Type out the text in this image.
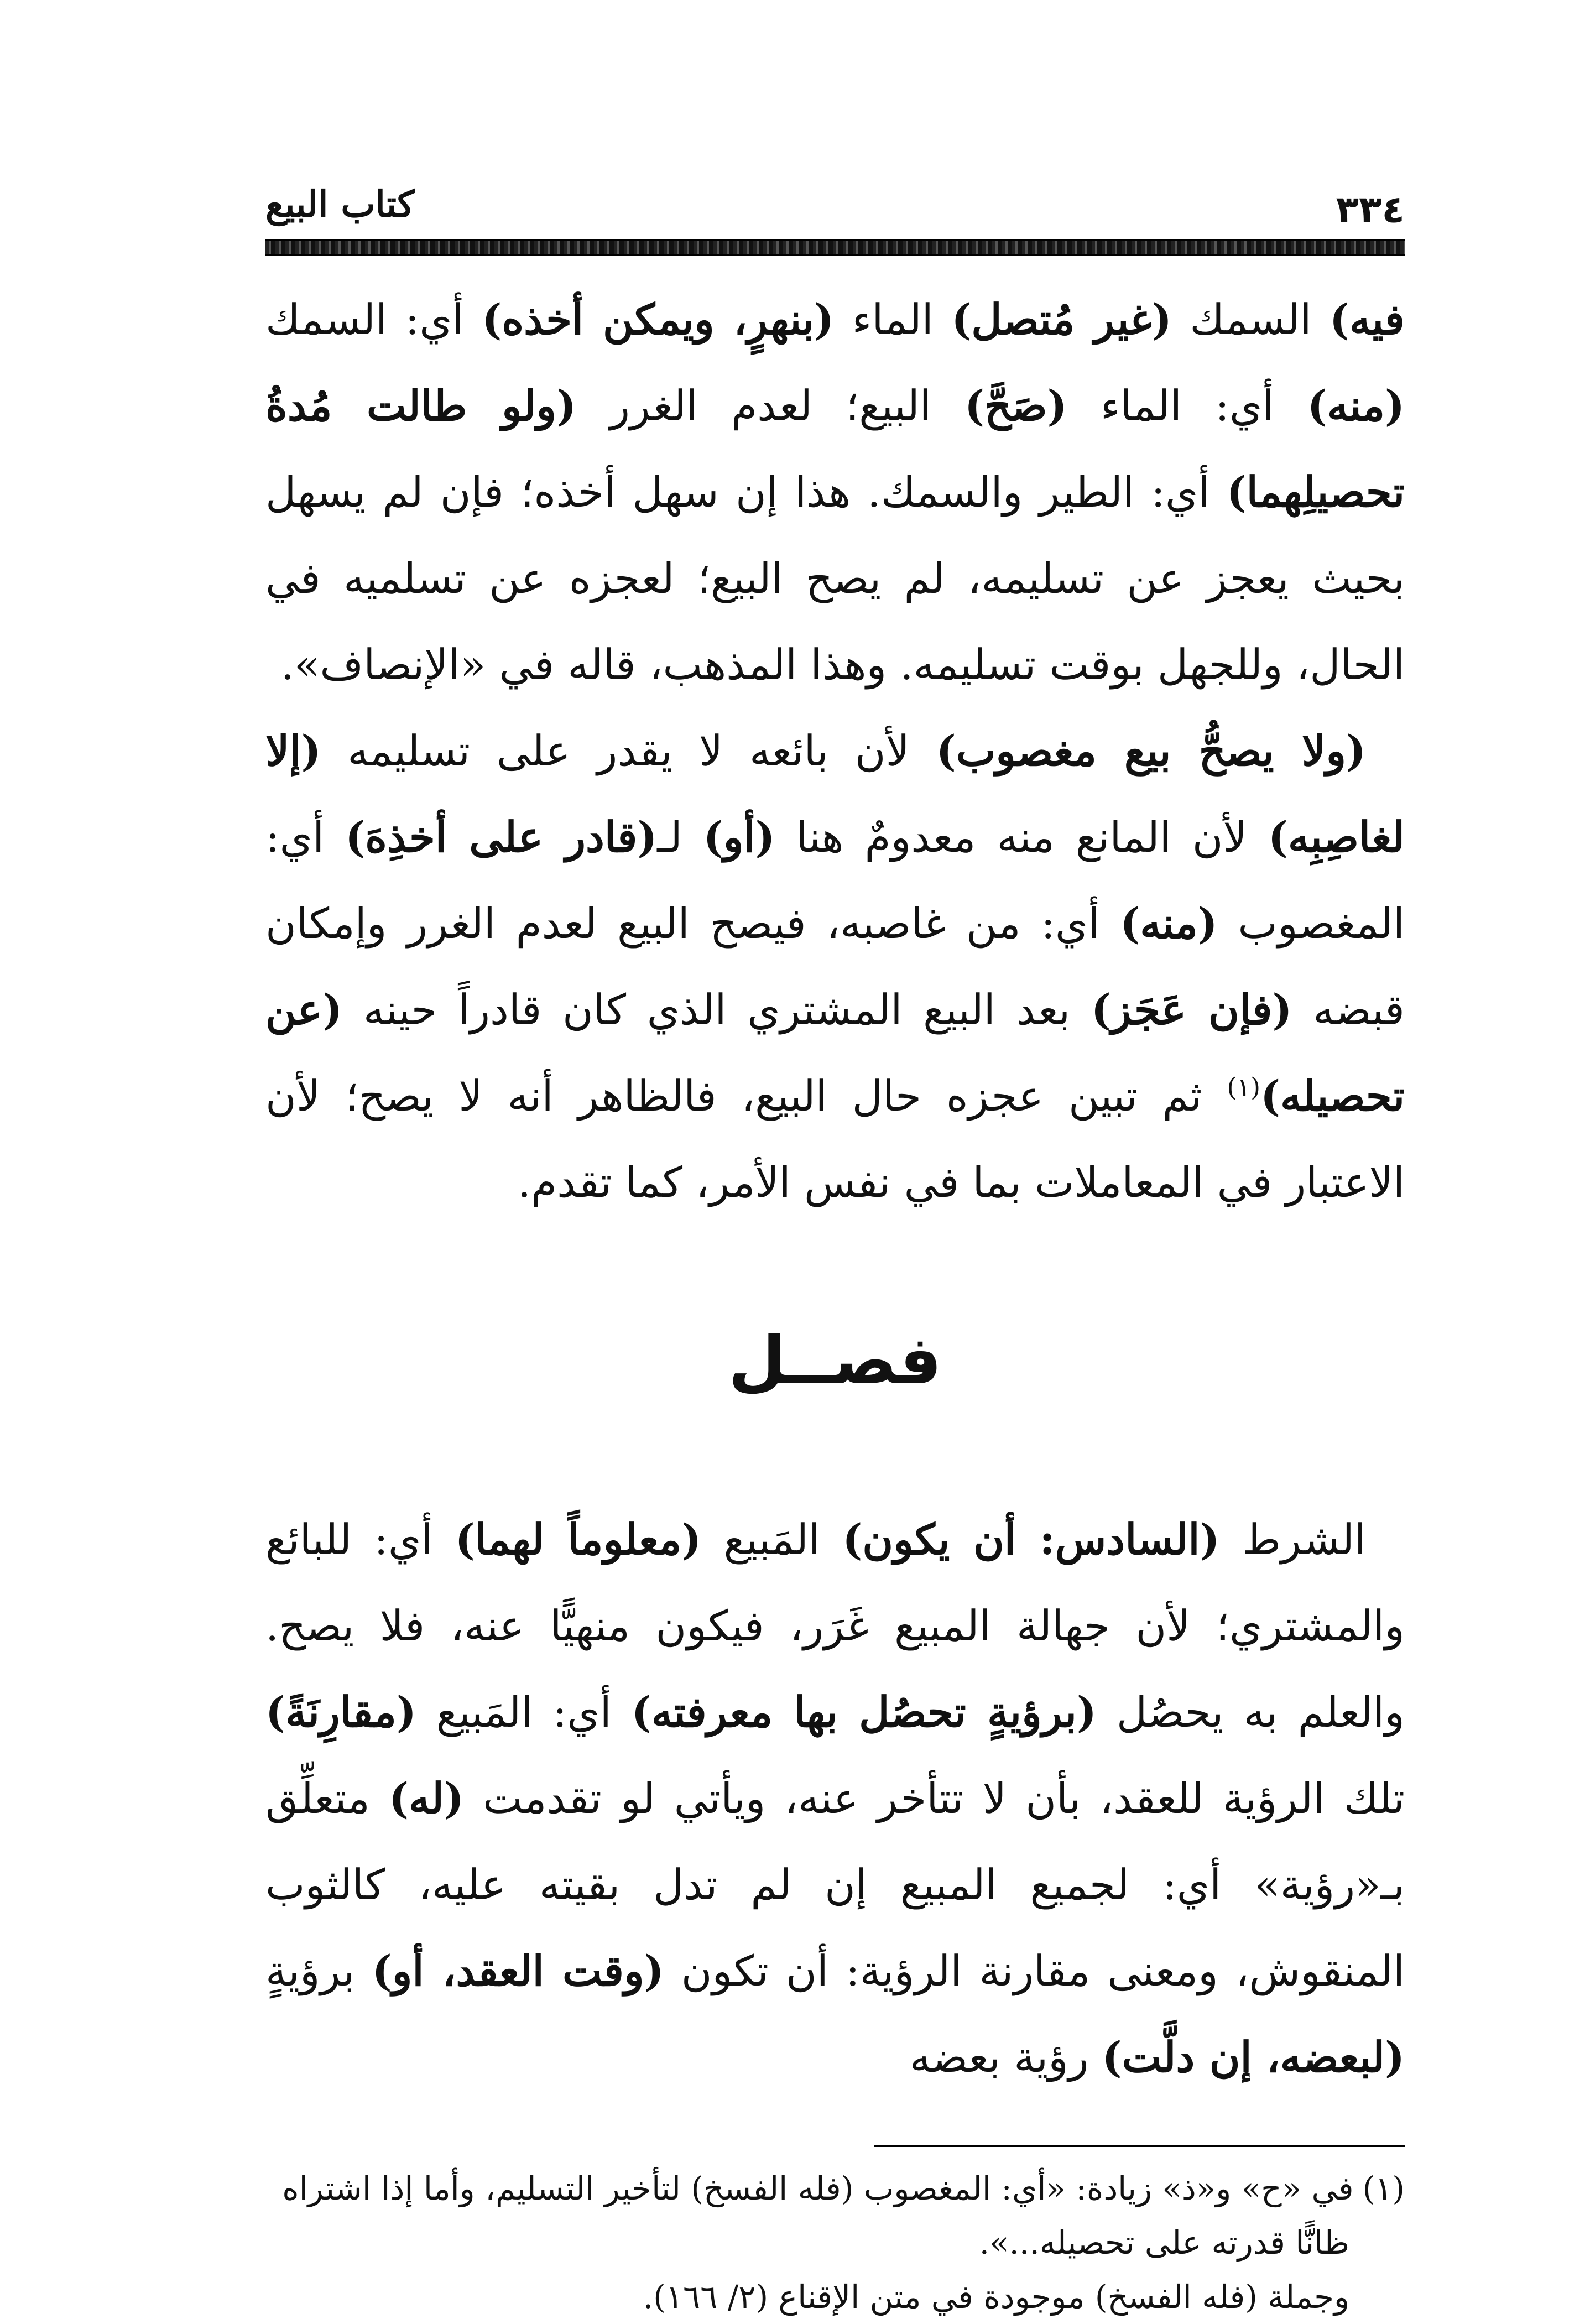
٣٣٤
كتاب البيع

فيه) السمك (غير مُتصل) الماء (بنهرٍ، ويمكن أخذه) أي: السمك (منه) أي: الماء (صَحَّ) البيع؛ لعدم الغرر (ولو طالت مُدةُ تحصيلِهما) أي: الطير والسمك. هذا إن سهل أخذه؛ فإن لم يسهل بحيث يعجز عن تسليمه، لم يصح البيع؛ لعجزه عن تسلميه في الحال، وللجهل بوقت تسليمه. وهذا المذهب، قاله في «الإنصاف».

(ولا يصحُّ بيع مغصوب) لأن بائعه لا يقدر على تسليمه (إلا لغاصِبِه) لأن المانع منه معدومٌ هنا (أو) لـ(قادر على أخذِهَ) أي: المغصوب (منه) أي: من غاصبه، فيصح البيع لعدم الغرر وإمكان قبضه (فإن عَجَز) بعد البيع المشتري الذي كان قادراً حينه (عن تحصيله)$^{(١)}$ ثم تبين عجزه حال البيع، فالظاهر أنه لا يصح؛ لأن الاعتبار في المعاملات بما في نفس الأمر، كما تقدم.

فصــل

الشرط (السادس: أن يكون) المَبيع (معلوماً لهما) أي: للبائع والمشتري؛ لأن جهالة المبيع غَرَر، فيكون منهيًّا عنه، فلا يصح. والعلم به يحصُل (برؤيةٍ تحصُل بها معرفته) أي: المَبيع (مقارِنَةً) تلك الرؤية للعقد، بأن لا تتأخر عنه، ويأتي لو تقدمت (له) متعلِّق بـ«رؤية» أي: لجميع المبيع إن لم تدل بقيته عليه، كالثوب المنقوش، ومعنى مقارنة الرؤية: أن تكون (وقت العقد، أو) برؤيةٍ (لبعضه، إن دلَّت) رؤية بعضه

(١)في «ح» و«ذ» زيادة: «أي: المغصوب (فله الفسخ) لتأخير التسليم، وأما إذا اشتراه

ظانًّا قدرته على تحصيله...».

وجملة (فله الفسخ) موجودة في متن الإقناع (٢/ ١٦٦).
